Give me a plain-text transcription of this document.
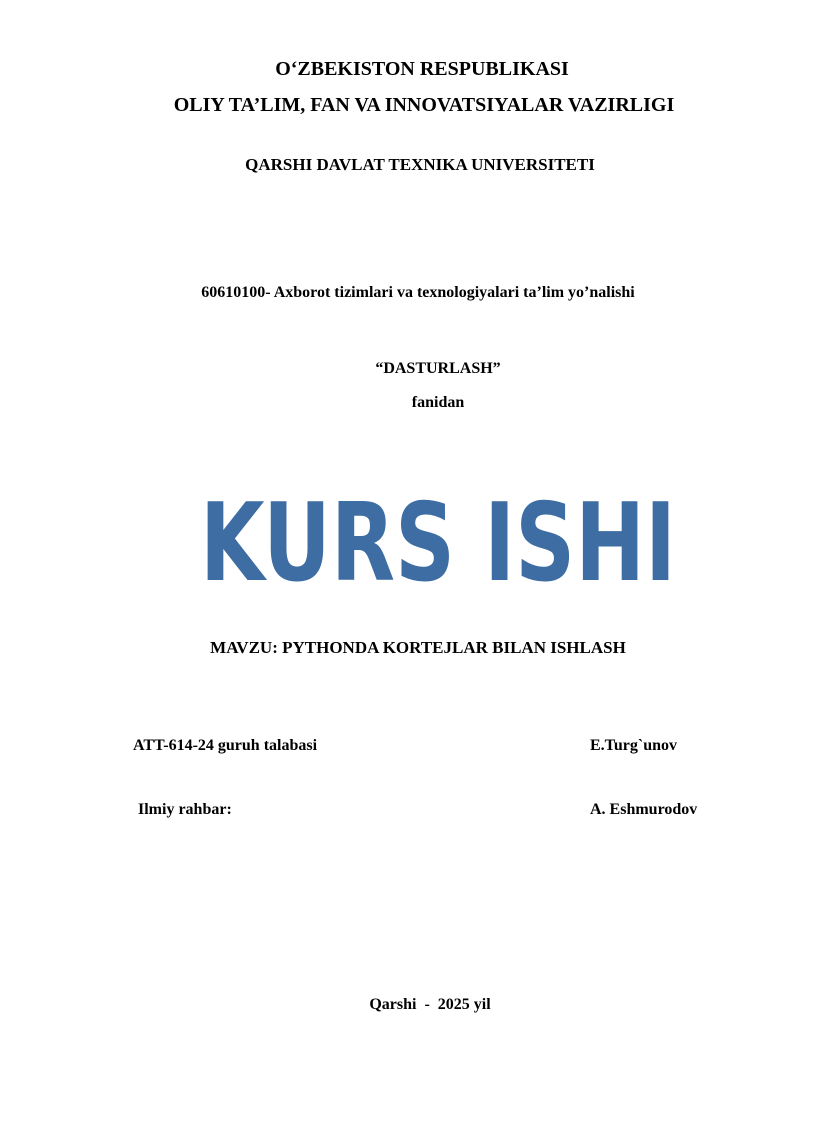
O‘ZBEKISTON RESPUBLIKASI
OLIY TA’LIM, FAN VA INNOVATSIYALAR VAZIRLIGI
QARSHI DAVLAT TEXNIKA UNIVERSITETI
60610100- Axborot tizimlari va texnologiyalari ta’lim yo’nalishi
“DASTURLASH”
fanidan
KURS ISHI
MAVZU: PYTHONDA KORTEJLAR BILAN ISHLASH
ATT-614-24 guruh talabasi	E.Turg`unov
Ilmiy rahbar:	A. Eshmurodov
Qarshi  -  2025 yil
